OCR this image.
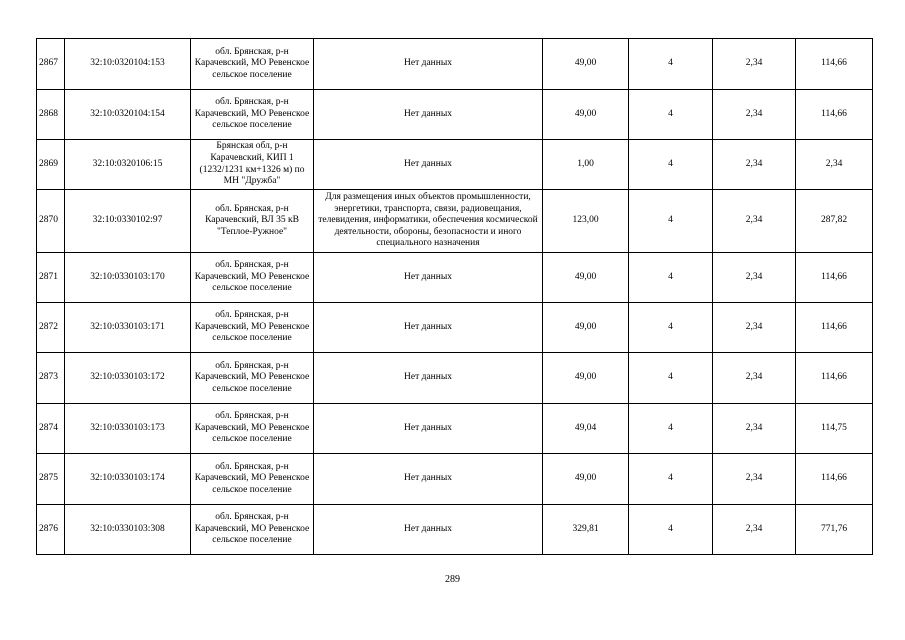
2867	32:10:0320104:153	обл. Брянская, р-н Карачевский, МО Ревенское сельское поселение	Нет данных	49,00	4	2,34	114,66
2868	32:10:0320104:154	обл. Брянская, р-н Карачевский, МО Ревенское сельское поселение	Нет данных	49,00	4	2,34	114,66
2869	32:10:0320106:15	Брянская обл, р-н Карачевский, КИП 1 (1232/1231 км+1326 м) по МН "Дружба"	Нет данных	1,00	4	2,34	2,34
2870	32:10:0330102:97	обл. Брянская, р-н Карачевский, ВЛ 35 кВ "Теплое-Ружное"	Для размещения иных объектов промышленности, энергетики, транспорта, связи, радиовещания, телевидения, информатики, обеспечения космической деятельности, обороны, безопасности и иного специального назначения	123,00	4	2,34	287,82
2871	32:10:0330103:170	обл. Брянская, р-н Карачевский, МО Ревенское сельское поселение	Нет данных	49,00	4	2,34	114,66
2872	32:10:0330103:171	обл. Брянская, р-н Карачевский, МО Ревенское сельское поселение	Нет данных	49,00	4	2,34	114,66
2873	32:10:0330103:172	обл. Брянская, р-н Карачевский, МО Ревенское сельское поселение	Нет данных	49,00	4	2,34	114,66
2874	32:10:0330103:173	обл. Брянская, р-н Карачевский, МО Ревенское сельское поселение	Нет данных	49,04	4	2,34	114,75
2875	32:10:0330103:174	обл. Брянская, р-н Карачевский, МО Ревенское сельское поселение	Нет данных	49,00	4	2,34	114,66
2876	32:10:0330103:308	обл. Брянская, р-н Карачевский, МО Ревенское сельское поселение	Нет данных	329,81	4	2,34	771,76
289
